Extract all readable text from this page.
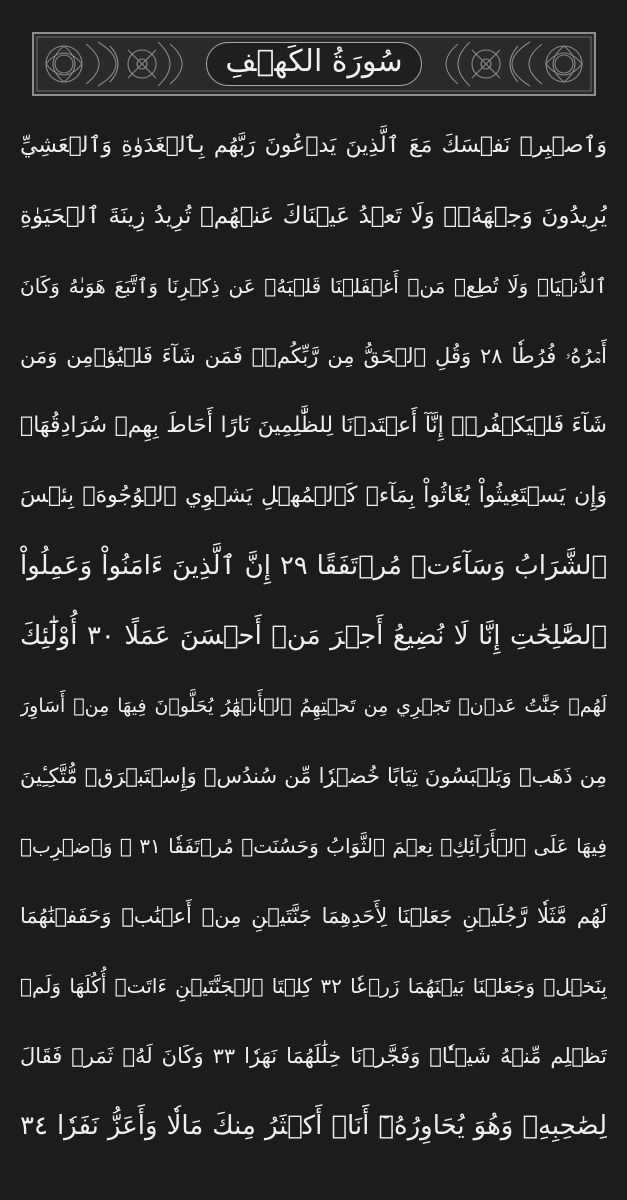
سُورَةُ الكَهۡفِ
وَٱصۡبِرۡ نَفۡسَكَ مَعَ ٱلَّذِينَ يَدۡعُونَ رَبَّهُم بِٱلۡغَدَوٰةِ وَٱلۡعَشِيِّ
يُرِيدُونَ وَجۡهَهُۥۖ وَلَا تَعۡدُ عَيۡنَاكَ عَنۡهُمۡ تُرِيدُ زِينَةَ ٱلۡحَيَوٰةِ
ٱلدُّنۡيَاۖ وَلَا تُطِعۡ مَنۡ أَغۡفَلۡنَا قَلۡبَهُۥ عَن ذِكۡرِنَا وَٱتَّبَعَ هَوَىٰهُ وَكَانَ
أَمۡرُهُۥ فُرُطٗا ٢٨ وَقُلِ ٱلۡحَقُّ مِن رَّبِّكُمۡۖ فَمَن شَآءَ فَلۡيُؤۡمِن وَمَن
شَآءَ فَلۡيَكۡفُرۡۚ إِنَّآ أَعۡتَدۡنَا لِلظَّٰلِمِينَ نَارًا أَحَاطَ بِهِمۡ سُرَادِقُهَاۚ
وَإِن يَسۡتَغِيثُواْ يُغَاثُواْ بِمَآءٖ كَٱلۡمُهۡلِ يَشۡوِي ٱلۡوُجُوهَۚ بِئۡسَ
ٱلشَّرَابُ وَسَآءَتۡ مُرۡتَفَقًا ٢٩ إِنَّ ٱلَّذِينَ ءَامَنُواْ وَعَمِلُواْ
ٱلصَّٰلِحَٰتِ إِنَّا لَا نُضِيعُ أَجۡرَ مَنۡ أَحۡسَنَ عَمَلًا ٣٠ أُوْلَٰٓئِكَ
لَهُمۡ جَنَّٰتُ عَدۡنٖ تَجۡرِي مِن تَحۡتِهِمُ ٱلۡأَنۡهَٰرُ يُحَلَّوۡنَ فِيهَا مِنۡ أَسَاوِرَ
مِن ذَهَبٖ وَيَلۡبَسُونَ ثِيَابًا خُضۡرٗا مِّن سُندُسٖ وَإِسۡتَبۡرَقٖ مُّتَّكِـِٔينَ
فِيهَا عَلَى ٱلۡأَرَآئِكِۚ نِعۡمَ ٱلثَّوَابُ وَحَسُنَتۡ مُرۡتَفَقٗا ٣١ ۞ وَٱضۡرِبۡ
لَهُم مَّثَلٗا رَّجُلَيۡنِ جَعَلۡنَا لِأَحَدِهِمَا جَنَّتَيۡنِ مِنۡ أَعۡنَٰبٖ وَحَفَفۡنَٰهُمَا
بِنَخۡلٖ وَجَعَلۡنَا بَيۡنَهُمَا زَرۡعٗا ٣٢ كِلۡتَا ٱلۡجَنَّتَيۡنِ ءَاتَتۡ أُكُلَهَا وَلَمۡ
تَظۡلِم مِّنۡهُ شَيۡـٔٗاۚ وَفَجَّرۡنَا خِلَٰلَهُمَا نَهَرٗا ٣٣ وَكَانَ لَهُۥ ثَمَرٞ فَقَالَ
لِصَٰحِبِهِۦ وَهُوَ يُحَاوِرُهُۥٓ أَنَا۠ أَكۡثَرُ مِنكَ مَالٗا وَأَعَزُّ نَفَرٗا ٣٤
